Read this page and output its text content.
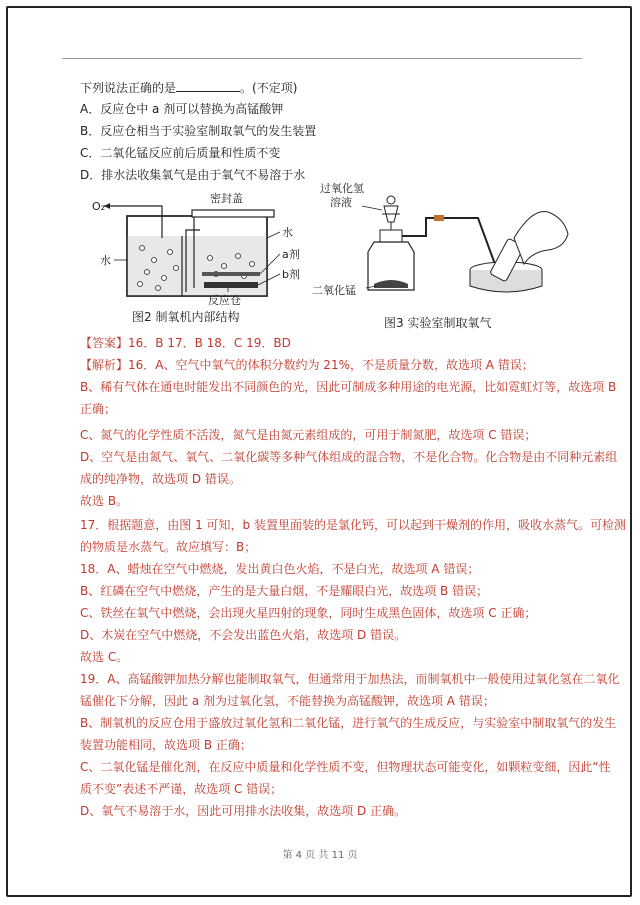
下列说法正确的是	。(不定项)
A．反应仓中 a 剂可以替换为高锰酸钾
B．反应仓相当于实验室制取氧气的发生装置
C．二氧化锰反应前后质量和性质不变
D．排水法收集氧气是由于氧气不易溶于水
O₂
密封盖
水
水	a剂
b剂
反应仓
图2 制氧机内部结构
过氧化氢
溶液
二氧化锰
图3 实验室制取氧气
【答案】16．B 17．B 18．C 19．BD
【解析】16．A、空气中氧气的体积分数约为 21%，不是质量分数，故选项 A 错误；
B、稀有气体在通电时能发出不同颜色的光，因此可制成多种用途的电光源，比如霓虹灯等，故选项 B
正确；
C、氮气的化学性质不活泼，氮气是由氮元素组成的，可用于制氮肥，故选项 C 错误；
D、空气是由氮气、氧气、二氧化碳等多种气体组成的混合物，不是化合物。化合物是由不同种元素组
成的纯净物，故选项 D 错误。
故选 B。
17．根据题意，由图 1 可知，b 装置里面装的是氯化钙，可以起到干燥剂的作用，吸收水蒸气。可检测
的物质是水蒸气。故应填写：B；
18．A、蜡烛在空气中燃烧，发出黄白色火焰，不是白光，故选项 A 错误；
B、红磷在空气中燃烧，产生的是大量白烟，不是耀眼白光，故选项 B 错误；
C、铁丝在氧气中燃烧，会出现火星四射的现象，同时生成黑色固体，故选项 C 正确；
D、木炭在空气中燃烧，不会发出蓝色火焰，故选项 D 错误。
故选 C。
19．A、高锰酸钾加热分解也能制取氧气，但通常用于加热法，而制氧机中一般使用过氧化氢在二氧化
锰催化下分解，因此 a 剂为过氧化氢，不能替换为高锰酸钾，故选项 A 错误；
B、制氧机的反应仓用于盛放过氧化氢和二氧化锰，进行氧气的生成反应，与实验室中制取氧气的发生
装置功能相同，故选项 B 正确；
C、二氧化锰是催化剂，在反应中质量和化学性质不变，但物理状态可能变化，如颗粒变细，因此“性
质不变”表述不严谨，故选项 C 错误；
D、氧气不易溶于水，因此可用排水法收集，故选项 D 正确。
第 4 页 共 11 页
